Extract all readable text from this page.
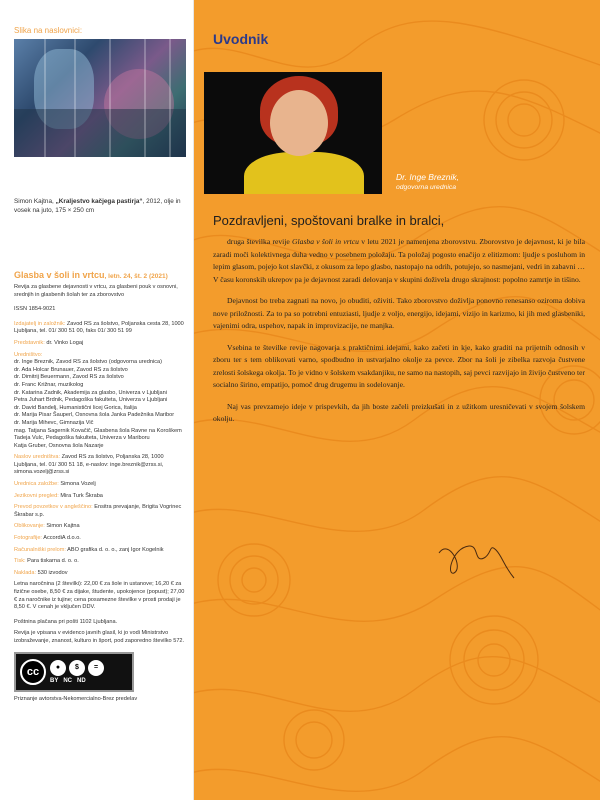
Slika na naslovnici:
Simon Kajtna, „Kraljestvo kačjega pastirja“, 2012, olje in vosek na juto, 175 × 250 cm
Glasba v šoli in vrtcu, letn. 24, št. 2 (2021)
Revija za glasbene dejavnosti v vrtcu, za glasbeni pouk v osnovni, srednjih in glasbenih šolah ter za zborovstvo
ISSN 1854-9021
Izdajatelj in založnik: Zavod RS za šolstvo, Poljanska cesta 28, 1000 Ljubljana, tel. 01/ 300 51 00, faks 01/ 300 51 99
Predstavnik: dr. Vinko Logaj
Uredništvo:
dr. Inge Breznik, Zavod RS za šolstvo (odgovorna urednica)
dr. Ada Holcar Brunauer, Zavod RS za šolstvo
dr. Dimitrij Beuermann, Zavod RS za šolstvo
dr. Franc Križnar, muzikolog
dr. Katarina Zadnik, Akademija za glasbo, Univerza v Ljubljani
Petra Juhart Brdnik, Pedagoška fakulteta, Univerza v Ljubljani
dr. David Bandelj, Humanistični licej Gorica, Italija
dr. Marija Pisar Šauperl, Osnovna šola Janka Padežnika Maribor
dr. Marija Mihevc, Gimnazija Vič
mag. Tatjana Sagernik Kovačič, Glasbena šola Ravne na Koroškem
Tadeja Vulc, Pedagoška fakulteta, Univerza v Mariboru
Katja Gruber, Osnovna šola Nazarje
Naslov uredništva: Zavod RS za šolstvo, Poljanska 28, 1000 Ljubljana, tel. 01/ 300 51 18, e-naslov: inge.breznik@zrss.si, simona.vozelj@zrss.si
Urednica založbe: Simona Vozelj
Jezikovni pregled: Mira Turk Škraba
Prevod povzetkov v angleščino: Ensitra prevajanje, Brigita Vogrinec Škrabar s.p.
Oblikovanje: Simon Kajtna
Fotografije: AccordiA d.o.o.
Računalniški prelom: ABO grafika d. o. o., zanj Igor Kogelnik
Tisk: Para tiskarna d. o. o.
Naklada: 530 izvodov
Letna naročnina (2 številki): 22,00 € za šole in ustanove; 16,20 € za fizične osebe, 8,50 € za dijake, študente, upokojence (popust); 27,00 € za naročnike iz tujine; cena posamezne številke v prosti prodaji je 8,50 €. V cenah je vključen DDV.
Poštnina plačana pri pošti 1102 Ljubljana.
Revija je vpisana v evidenco javnih glasil, ki jo vodi Ministrstvo izobraževanje, znanost, kulturo in šport, pod zaporedno številko 572.
cc	●	$	=
BY NC ND
Priznanje avtorstva-Nekomercialno-Brez predelav
Uvodnik
Dr. Inge Breznik,
odgovorna urednica
Pozdravljeni, spoštovani bralke in bralci,

druga številka revije Glasba v šoli in vrtcu v letu 2021 je namenjena zborovstvu. Zborovstvo je dejavnost, ki je bila zaradi moči kolektivnega duha vedno v posebnem položaju. Ta položaj pogosto enačijo z elitizmom: ljudje s posluhom in lepim glasom, pojejo kot slavčki, z okusom za lepo glasbo, nastopajo na odrih, potujejo, so nasmejani, vedri in zabavni … V času koronskih ukrepov pa je dejavnost zaradi delovanja v skupini doživela drugo skrajnost: popolno zamrtje in tišino.

Dejavnost bo treba zagnati na novo, jo obuditi, oživiti. Tako zborovstvo doživlja ponovno renesanso oziroma dobiva nove priložnosti. Za to pa so potrebni entuziasti, ljudje z voljo, energijo, idejami, vizijo in karizmo, ki jih med glasbeniki, vajenimi odra, uspehov, napak in improvizacije, ne manjka.

Vsebina te številke revije nagovarja s praktičnimi idejami, kako začeti in kje, kako graditi na prijetnih odnosih v zboru ter s tem oblikovati varno, spodbudno in ustvarjalno okolje za pevce. Zbor na šoli je zibelka razvoja čustvene zrelosti šolskega okolja. To je vidno v šolskem vsakdanjiku, ne samo na nastopih, saj pevci razvijajo in živijo čustveno ter socialno širino, empatijo, pomoč drug drugemu in sodelovanje.

Naj vas prevzamejo ideje v prispevkih, da jih boste začeli preizkušati in z užitkom uresničevati v svojem šolskem okolju.
